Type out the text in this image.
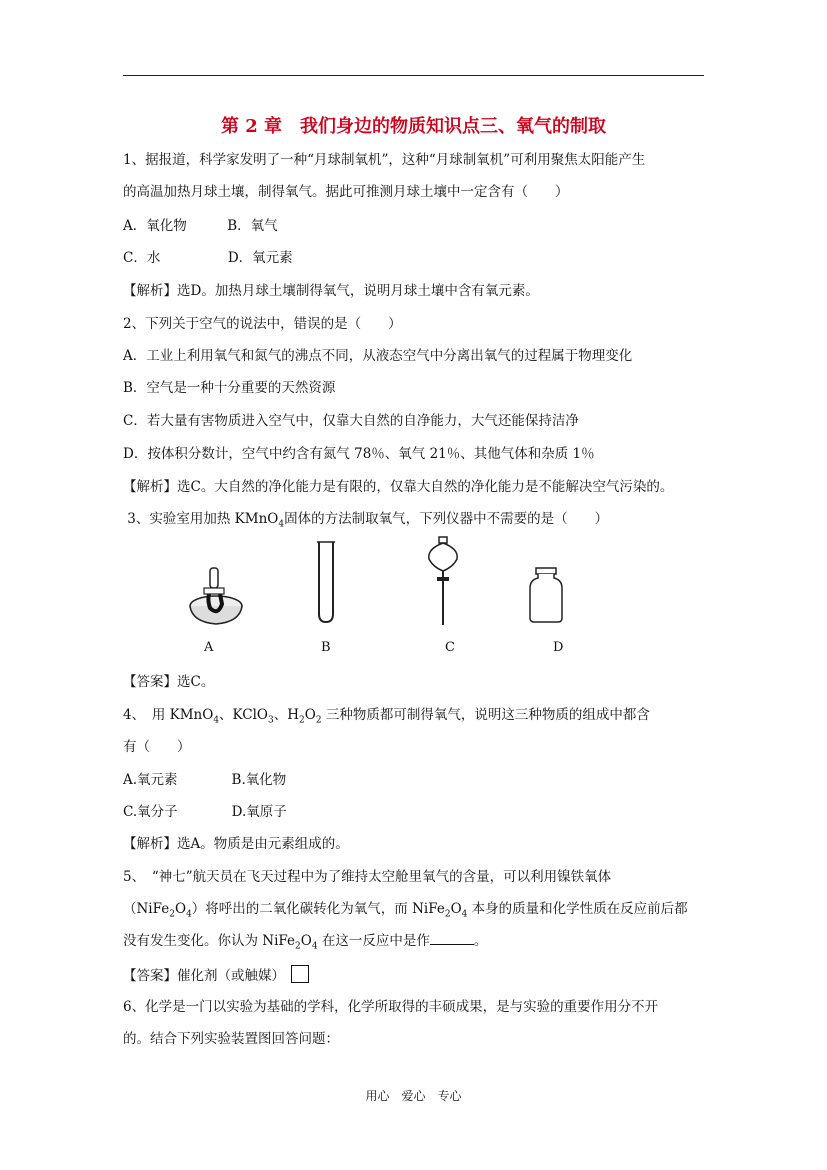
第 2 章　我们身边的物质知识点三、氧气的制取
1、据报道，科学家发明了一种“月球制氧机”，这种“月球制氧机”可利用聚焦太阳能产生
的高温加热月球土壤，制得氧气。据此可推测月球土壤中一定含有（　　）
A．氧化物　　　B．氧气
C．水　　　　　D．氧元素
【解析】选D。加热月球土壤制得氧气，说明月球土壤中含有氧元素。
2、下列关于空气的说法中，错误的是（　　）
A．工业上利用氧气和氮气的沸点不同，从液态空气中分离出氧气的过程属于物理变化
B．空气是一种十分重要的天然资源
C．若大量有害物质进入空气中，仅靠大自然的自净能力，大气还能保持洁净
D．按体积分数计，空气中约含有氮气 78％、氧气 21％、其他气体和杂质 1％
【解析】选C。大自然的净化能力是有限的，仅靠大自然的净化能力是不能解决空气污染的。
3、实验室用加热 KMnO$_4$固体的方法制取氧气，下列仪器中不需要的是（　　）
A	B	C	D
【答案】选C。
4、　用 KMnO$_4$、KClO$_3$、$H_2O_2$ 三种物质都可制得氧气，说明这三种物质的组成中都含
有（　　）
A.氧元素　　　　B.氧化物
C.氧分子　　　　D.氧原子
【解析】选A。物质是由元素组成的。
5、　“神七”航天员在飞天过程中为了维持太空舱里氧气的含量，可以利用镍铁氧体
$(NiFe_2O_4)$将呼出的二氧化碳转化为氧气，而 $NiFe_2O_4$ 本身的质量和化学性质在反应前后都
没有发生变化。你认为 $NiFe_2O_4$ 在这一反应中是作	。
【答案】催化剂（或触媒）
6、化学是一门以实验为基础的学科，化学所取得的丰硕成果，是与实验的重要作用分不开
的。结合下列实验装置图回答问题：
用心　爱心　专心
